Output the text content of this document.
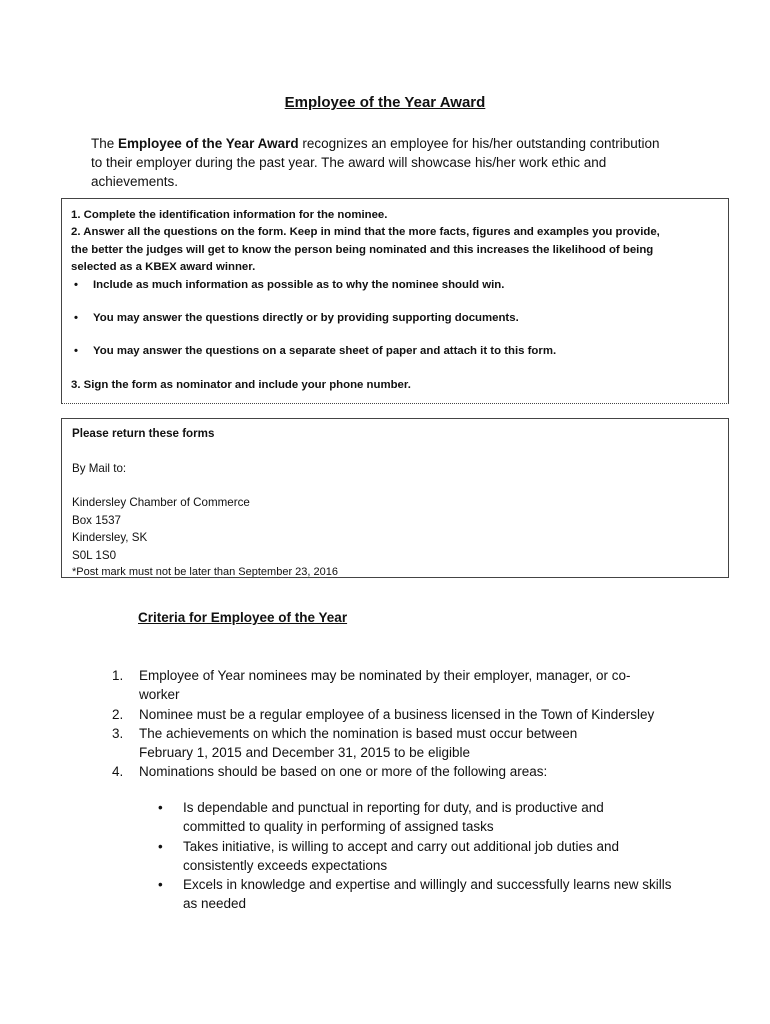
Employee of the Year Award
The Employee of the Year Award recognizes an employee for his/her outstanding contribution
to their employer during the past year. The award will showcase his/her work ethic and
achievements.
1. Complete the identification information for the nominee.
2. Answer all the questions on the form. Keep in mind that the more facts, figures and examples you provide,
the better the judges will get to know the person being nominated and this increases the likelihood of being
selected as a KBEX award winner.
• Include as much information as possible as to why the nominee should win.
• You may answer the questions directly or by providing supporting documents.
• You may answer the questions on a separate sheet of paper and attach it to this form.
3. Sign the form as nominator and include your phone number.
Please return these forms
By Mail to:
Kindersley Chamber of Commerce
Box 1537
Kindersley, SK
S0L 1S0
*Post mark must not be later than September 23, 2016
Criteria for Employee of the Year
1. Employee of Year nominees may be nominated by their employer, manager, or co-
worker
2. Nominee must be a regular employee of a business licensed in the Town of Kindersley
3. The achievements on which the nomination is based must occur between
February 1, 2015 and December 31, 2015 to be eligible
4. Nominations should be based on one or more of the following areas:
• Is dependable and punctual in reporting for duty, and is productive and
committed to quality in performing of assigned tasks
• Takes initiative, is willing to accept and carry out additional job duties and
consistently exceeds expectations
• Excels in knowledge and expertise and willingly and successfully learns new skills
as needed
